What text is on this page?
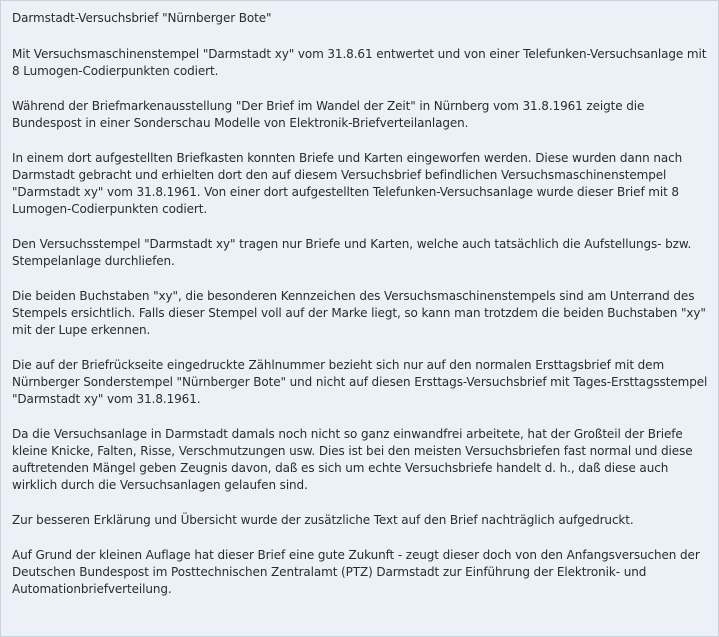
Darmstadt-Versuchsbrief "Nürnberger Bote"

Mit Versuchsmaschinenstempel "Darmstadt xy" vom 31.8.61 entwertet und von einer Telefunken-Versuchsanlage mit 8 Lumogen-Codierpunkten codiert.

Während der Briefmarkenausstellung "Der Brief im Wandel der Zeit" in Nürnberg vom 31.8.1961 zeigte die Bundespost in einer Sonderschau Modelle von Elektronik-Briefverteilanlagen.

In einem dort aufgestellten Briefkasten konnten Briefe und Karten eingeworfen werden. Diese wurden dann nach Darmstadt gebracht und erhielten dort den auf diesem Versuchsbrief befindlichen Versuchsmaschinenstempel "Darmstadt xy" vom 31.8.1961. Von einer dort aufgestellten Telefunken-Versuchsanlage wurde dieser Brief mit 8 Lumogen-Codierpunkten codiert.

Den Versuchsstempel "Darmstadt xy" tragen nur Briefe und Karten, welche auch tatsächlich die Aufstellungs- bzw. Stempelanlage durchliefen.

Die beiden Buchstaben "xy", die besonderen Kennzeichen des Versuchsmaschinenstempels sind am Unterrand des Stempels ersichtlich. Falls dieser Stempel voll auf der Marke liegt, so kann man trotzdem die beiden Buchstaben "xy" mit der Lupe erkennen.

Die auf der Briefrückseite eingedruckte Zählnummer bezieht sich nur auf den normalen Ersttagsbrief mit dem Nürnberger Sonderstempel "Nürnberger Bote" und nicht auf diesen Ersttags-Versuchsbrief mit Tages-Ersttagsstempel "Darmstadt xy" vom 31.8.1961.

Da die Versuchsanlage in Darmstadt damals noch nicht so ganz einwandfrei arbeitete, hat der Großteil der Briefe kleine Knicke, Falten, Risse, Verschmutzungen usw. Dies ist bei den meisten Versuchsbriefen fast normal und diese auftretenden Mängel geben Zeugnis davon, daß es sich um echte Versuchsbriefe handelt d. h., daß diese auch wirklich durch die Versuchsanlagen gelaufen sind.

Zur besseren Erklärung und Übersicht wurde der zusätzliche Text auf den Brief nachträglich aufgedruckt.

Auf Grund der kleinen Auflage hat dieser Brief eine gute Zukunft - zeugt dieser doch von den Anfangsversuchen der Deutschen Bundespost im Posttechnischen Zentralamt (PTZ) Darmstadt zur Einführung der Elektronik- und Automationbriefverteilung.
